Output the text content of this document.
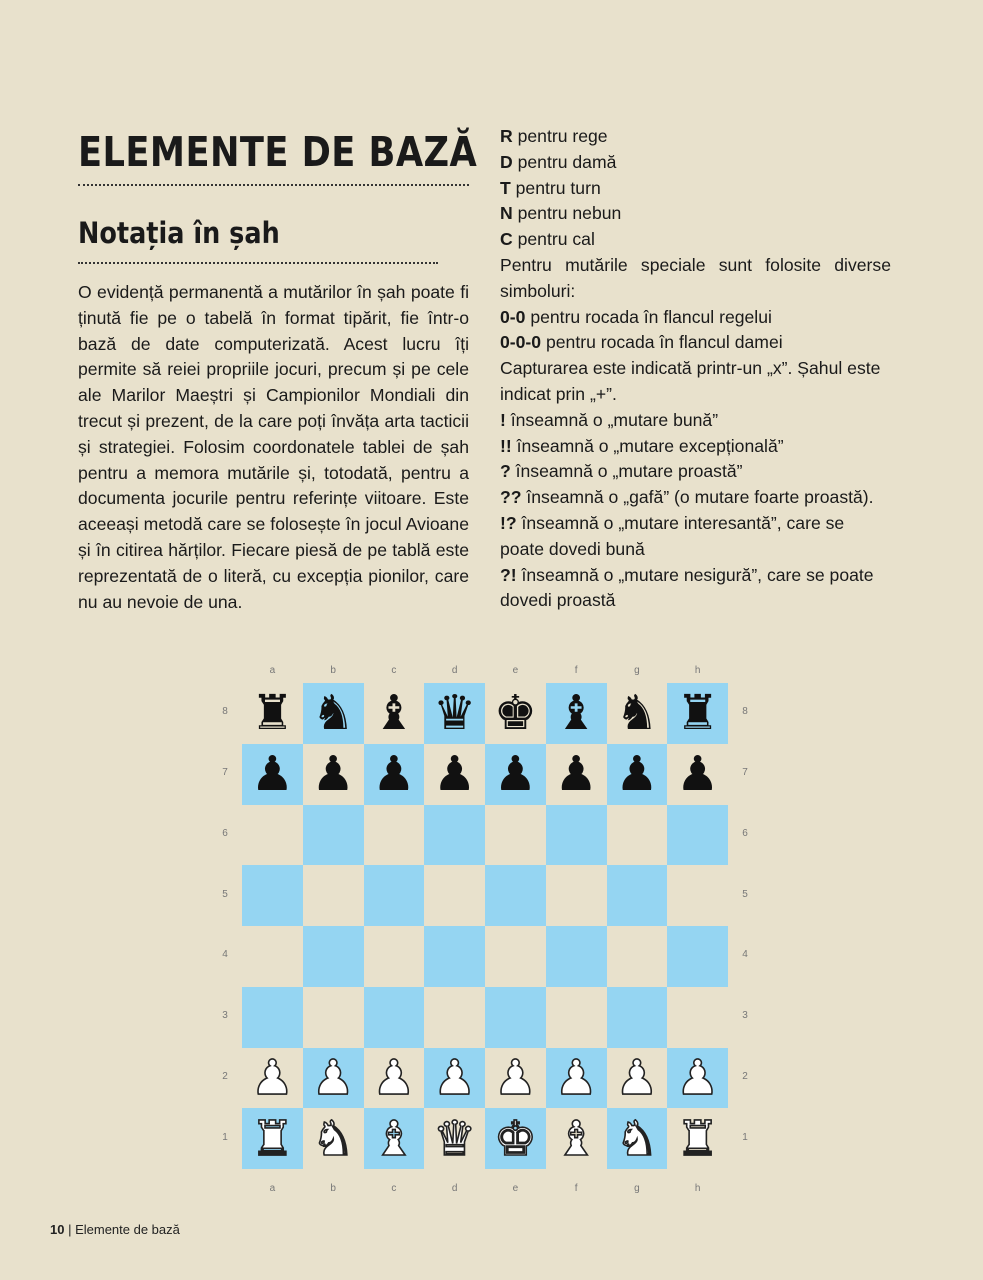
ELEMENTE DE BAZĂ
Notația în șah

O evidență permanentă a mutărilor în șah poate fi ținută fie pe o tabelă în format tipărit, fie într-o bază de date computerizată. Acest lucru îți permite să reiei propriile jocuri, precum și pe cele ale Marilor Maeștri și Campionilor Mondiali din trecut și prezent, de la care poți învăța arta tacticii și strategiei. Folosim coordonatele tablei de șah pentru a memora mutările și, totodată, pentru a documenta jocurile pentru referințe viitoare. Este aceeași metodă care se folosește în jocul Avioane și în citirea hărților. Fiecare piesă de pe tablă este reprezentată de o literă, cu excepția pionilor, care nu au nevoie de una.

R pentru rege

D pentru damă

T pentru turn

N pentru nebun

C pentru cal

Pentru mutările speciale sunt folosite diverse simboluri:

0-0 pentru rocada în flancul regelui

0-0-0 pentru rocada în flancul damei

Capturarea este indicată printr-un „x”. Șahul este indicat prin „+”.

! înseamnă o „mutare bună”

!! înseamnă o „mutare excepțională”

? înseamnă o „mutare proastă”

?? înseamnă o „gafă” (o mutare foarte proastă).

!? înseamnă o „mutare interesantă”, care se poate dovedi bună

?! înseamnă o „mutare nesigură”, care se poate dovedi proastă

♜ ♞ ♝ ♛ ♚ ♝ ♞ ♜
♟ ♟ ♟ ♟ ♟ ♟ ♟ ♟
♟ ♟ ♟ ♟ ♟ ♟ ♟ ♟
♜ ♞ ♝ ♛ ♚ ♝ ♞ ♜
a
a
b
b
c
c
d
d
e
e
f
f
g
g
h
h
8	8
7	7
6	6
5	5
4	4
3	3
2	2
1	1
10 | Elemente de bază
